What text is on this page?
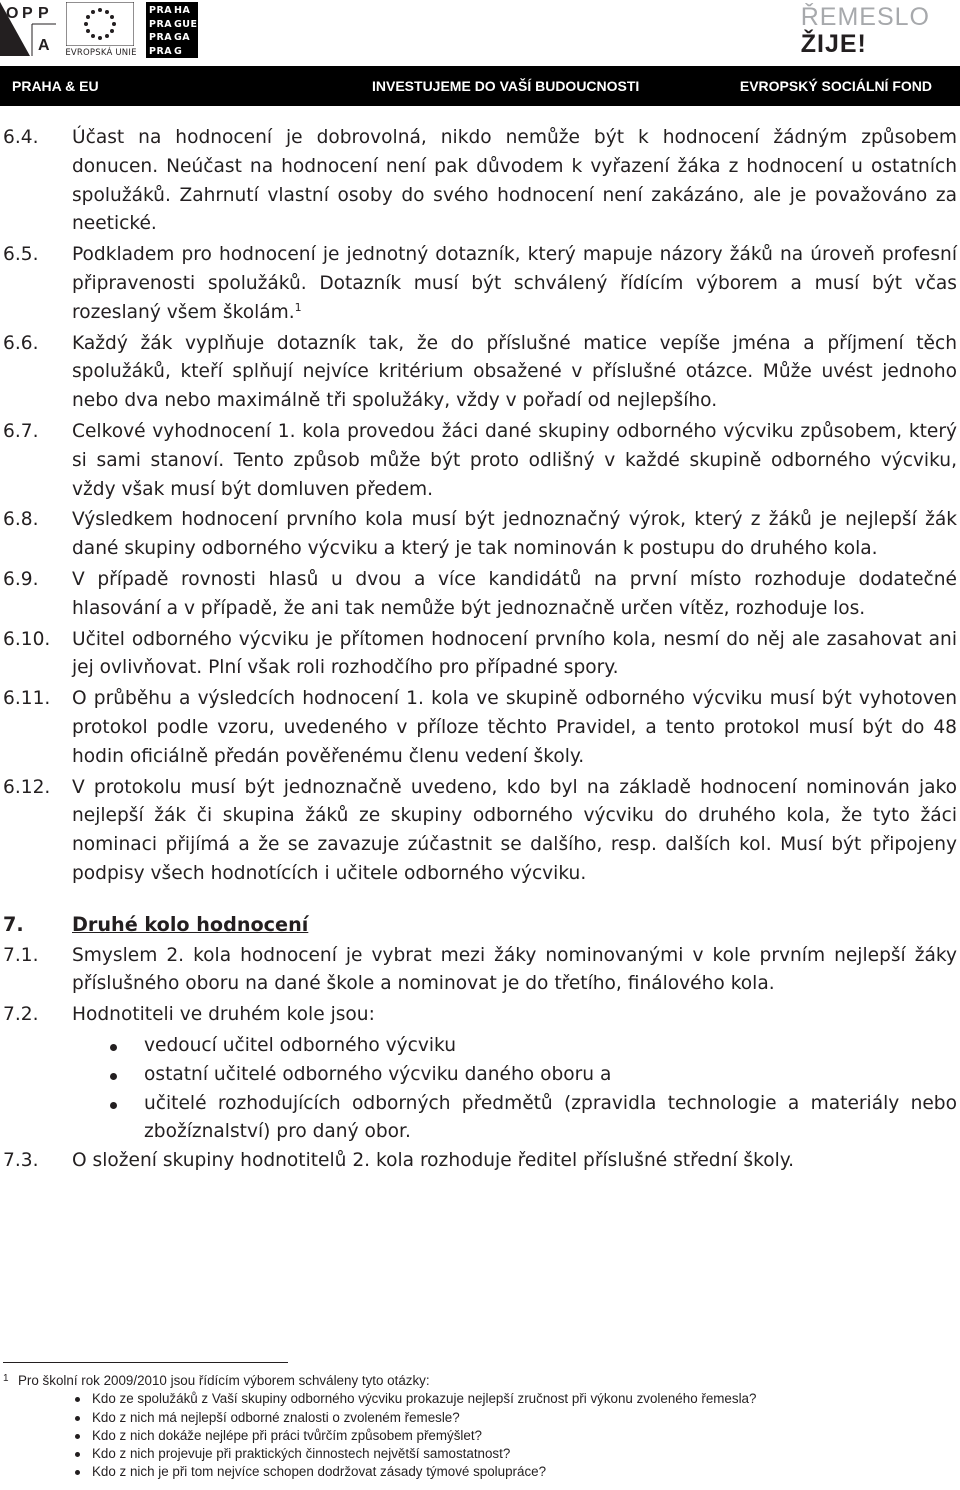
O P P
A	EVROPSKÁ UNIE
PRA
PRA
PRA
PRA
HA
GUE
GA
G
ŘEMESLO
ŽIJE!
PRAHA & EU	INVESTUJEME DO VAŠÍ BUDOUCNOSTI	EVROPSKÝ SOCIÁLNÍ FOND
6.4.	Účast na hodnocení je dobrovolná, nikdo nemůže být k hodnocení žádným způsobem donucen. Neúčast na hodnocení není pak důvodem k vyřazení žáka z hodnocení u ostatních spolužáků. Zahrnutí vlastní osoby do svého hodnocení není zakázáno, ale je považováno za neetické.
6.5.	Podkladem pro hodnocení je jednotný dotazník, který mapuje názory žáků na úroveň profesní připravenosti spolužáků. Dotazník musí být schválený řídícím výborem a musí být včas rozeslaný všem školám.$^1$
6.6.	Každý žák vyplňuje dotazník tak, že do příslušné matice vepíše jména a příjmení těch spolužáků, kteří splňují nejvíce kritérium obsažené v příslušné otázce. Může uvést jednoho nebo dva nebo maximálně tři spolužáky, vždy v pořadí od nejlepšího.
6.7.	Celkové vyhodnocení 1. kola provedou žáci dané skupiny odborného výcviku způsobem, který si sami stanoví. Tento způsob může být proto odlišný v každé skupině odborného výcviku, vždy však musí být domluven předem.
6.8.	Výsledkem hodnocení prvního kola musí být jednoznačný výrok, který z žáků je nejlepší žák dané skupiny odborného výcviku a který je tak nominován k postupu do druhého kola.
6.9.	V případě rovnosti hlasů u dvou a více kandidátů na první místo rozhoduje dodatečné hlasování a v případě, že ani tak nemůže být jednoznačně určen vítěz, rozhoduje los.
6.10.	Učitel odborného výcviku je přítomen hodnocení prvního kola, nesmí do něj ale zasahovat ani jej ovlivňovat. Plní však roli rozhodčího pro případné spory.
6.11.	O průběhu a výsledcích hodnocení 1. kola ve skupině odborného výcviku musí být vyhotoven protokol podle vzoru, uvedeného v příloze těchto Pravidel, a tento protokol musí být do 48 hodin oficiálně předán pověřenému členu vedení školy.
6.12.	V protokolu musí být jednoznačně uvedeno, kdo byl na základě hodnocení nominován jako nejlepší žák či skupina žáků ze skupiny odborného výcviku do druhého kola, že tyto žáci nominaci přijímá a že se zavazuje zúčastnit se dalšího, resp. dalších kol. Musí být připojeny podpisy všech hodnotících i učitele odborného výcviku.
7.	Druhé kolo hodnocení
7.1.	Smyslem 2. kola hodnocení je vybrat mezi žáky nominovanými v kole prvním nejlepší žáky příslušného oboru na dané škole a nominovat je do třetího, finálového kola.
7.2.	Hodnotiteli ve druhém kole jsou:
vedoucí učitel odborného výcviku
ostatní učitelé odborného výcviku daného oboru a
učitelé rozhodujících odborných předmětů (zpravidla technologie a materiály nebo zbožíznalství) pro daný obor.
7.3.	O složení skupiny hodnotitelů 2. kola rozhoduje ředitel příslušné střední školy.
1 Pro školní rok 2009/2010 jsou řídícím výborem schváleny tyto otázky:
Kdo ze spolužáků z Vaší skupiny odborného výcviku prokazuje nejlepší zručnost při výkonu zvoleného řemesla?
Kdo z nich má nejlepší odborné znalosti o zvoleném řemesle?
Kdo z nich dokáže nejlépe při práci tvůrčím způsobem přemýšlet?
Kdo z nich projevuje při praktických činnostech největší samostatnost?
Kdo z nich je při tom nejvíce schopen dodržovat zásady týmové spolupráce?
